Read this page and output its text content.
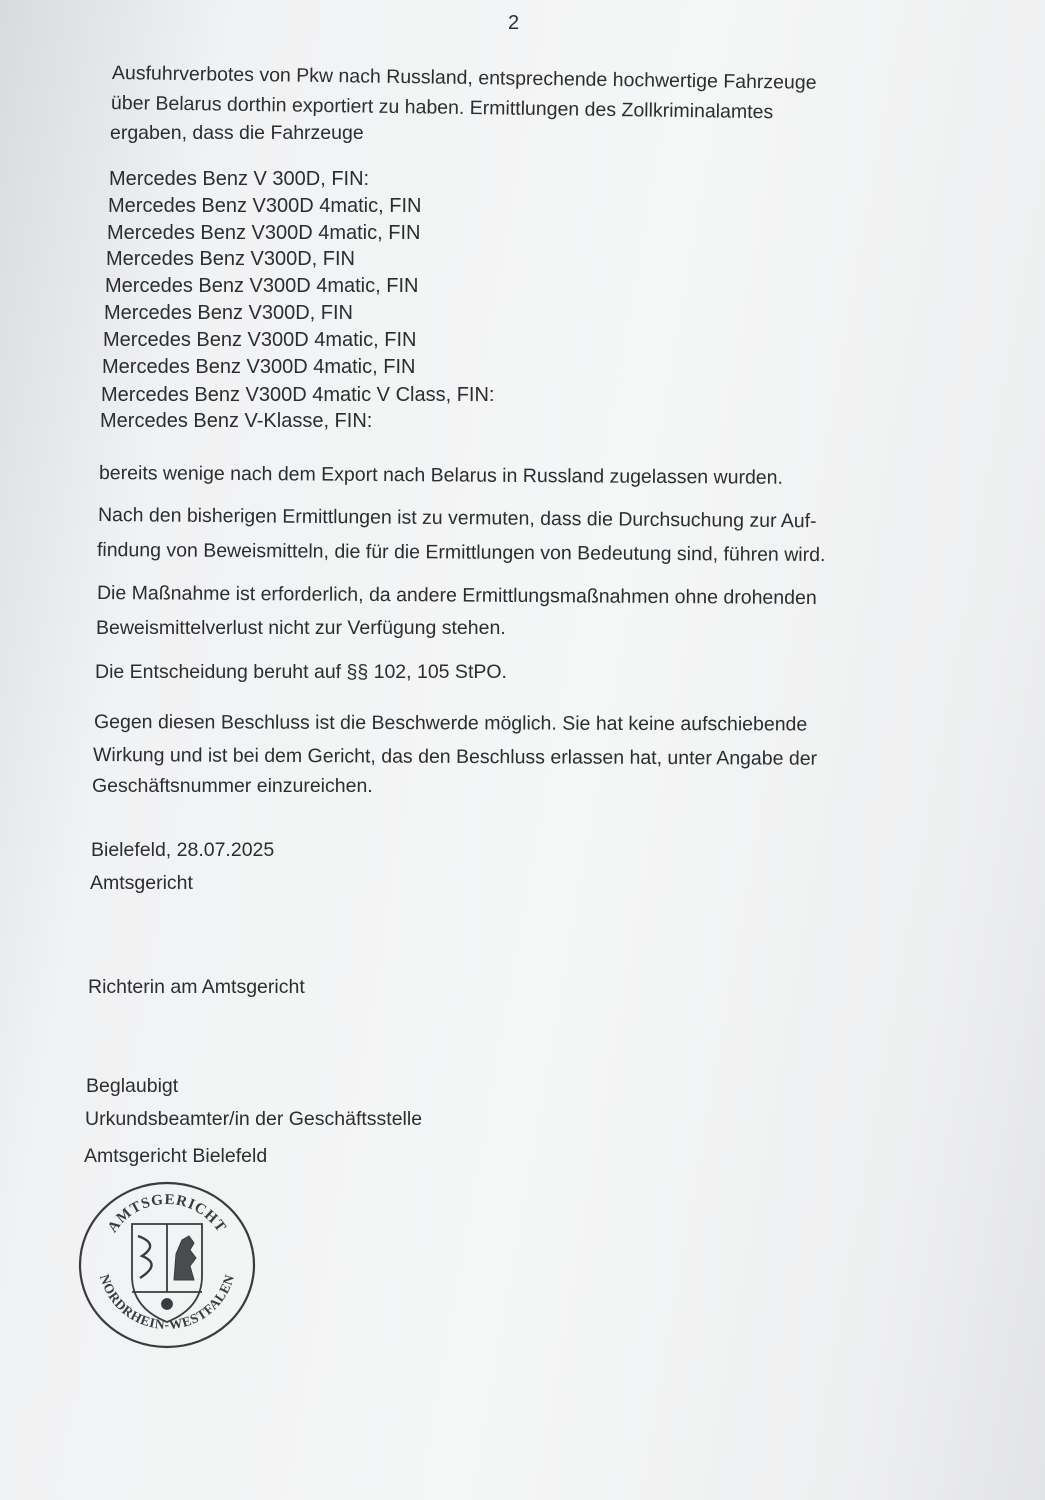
2
Ausfuhrverbotes von Pkw nach Russland, entsprechende hochwertige Fahrzeuge
über Belarus dorthin exportiert zu haben. Ermittlungen des Zollkriminalamtes
ergaben, dass die Fahrzeuge
Mercedes Benz V 300D, FIN:
Mercedes Benz V300D 4matic, FIN
Mercedes Benz V300D 4matic, FIN
Mercedes Benz V300D, FIN
Mercedes Benz V300D 4matic, FIN
Mercedes Benz V300D, FIN
Mercedes Benz V300D 4matic, FIN
Mercedes Benz V300D 4matic, FIN
Mercedes Benz V300D 4matic V Class, FIN:
Mercedes Benz V-Klasse, FIN:
bereits wenige nach dem Export nach Belarus in Russland zugelassen wurden.
Nach den bisherigen Ermittlungen ist zu vermuten, dass die Durchsuchung zur Auf-
findung von Beweismitteln, die für die Ermittlungen von Bedeutung sind, führen wird.
Die Maßnahme ist erforderlich, da andere Ermittlungsmaßnahmen ohne drohenden
Beweismittelverlust nicht zur Verfügung stehen.
Die Entscheidung beruht auf §§ 102, 105 StPO.
Gegen diesen Beschluss ist die Beschwerde möglich. Sie hat keine aufschiebende
Wirkung und ist bei dem Gericht, das den Beschluss erlassen hat, unter Angabe der
Geschäftsnummer einzureichen.
Bielefeld, 28.07.2025
Amtsgericht
Richterin am Amtsgericht
Beglaubigt
Urkundsbeamter/in der Geschäftsstelle
Amtsgericht Bielefeld
AMTSGERICHT
NORDRHEIN-WESTFALEN
